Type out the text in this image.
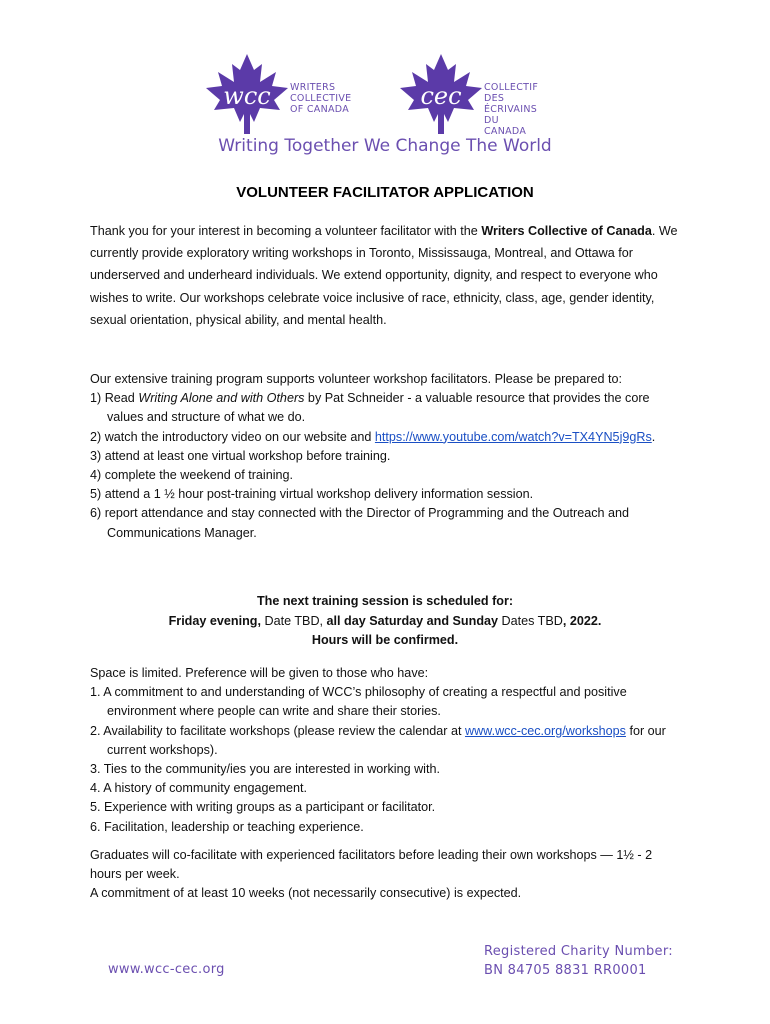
wcc WRITERS COLLECTIVE
OF CANADA	cec COLLECTIF DES
ÉCRIVAINS DU CANADA
Writing Together We Change The World
VOLUNTEER FACILITATOR APPLICATION
Thank you for your interest in becoming a volunteer facilitator with the Writers Collective of Canada. We currently provide exploratory writing workshops in Toronto, Mississauga, Montreal, and Ottawa for underserved and underheard individuals. We extend opportunity, dignity, and respect to everyone who wishes to write. Our workshops celebrate voice inclusive of race, ethnicity, class, age, gender identity, sexual orientation, physical ability, and mental health.
Our extensive training program supports volunteer workshop facilitators. Please be prepared to:
1) Read Writing Alone and with Others by Pat Schneider - a valuable resource that provides the core values and structure of what we do.
2) watch the introductory video on our website and https://www.youtube.com/watch?v=TX4YN5j9gRs.
3) attend at least one virtual workshop before training.
4) complete the weekend of training.
5) attend a 1 ½ hour post-training virtual workshop delivery information session.
6) report attendance and stay connected with the Director of Programming and the Outreach and Communications Manager.
The next training session is scheduled for:
Friday evening, Date TBD, all day Saturday and Sunday Dates TBD, 2022.
Hours will be confirmed.
Space is limited. Preference will be given to those who have:
1. A commitment to and understanding of WCC’s philosophy of creating a respectful and positive environment where people can write and share their stories.
2. Availability to facilitate workshops (please review the calendar at www.wcc-cec.org/workshops for our current workshops).
3. Ties to the community/ies you are interested in working with.
4. A history of community engagement.
5. Experience with writing groups as a participant or facilitator.
6. Facilitation, leadership or teaching experience.
Graduates will co-facilitate with experienced facilitators before leading their own workshops — 1½ - 2 hours per week.
A commitment of at least 10 weeks (not necessarily consecutive) is expected.
www.wcc-cec.org
Registered Charity Number:
BN 84705 8831 RR0001
